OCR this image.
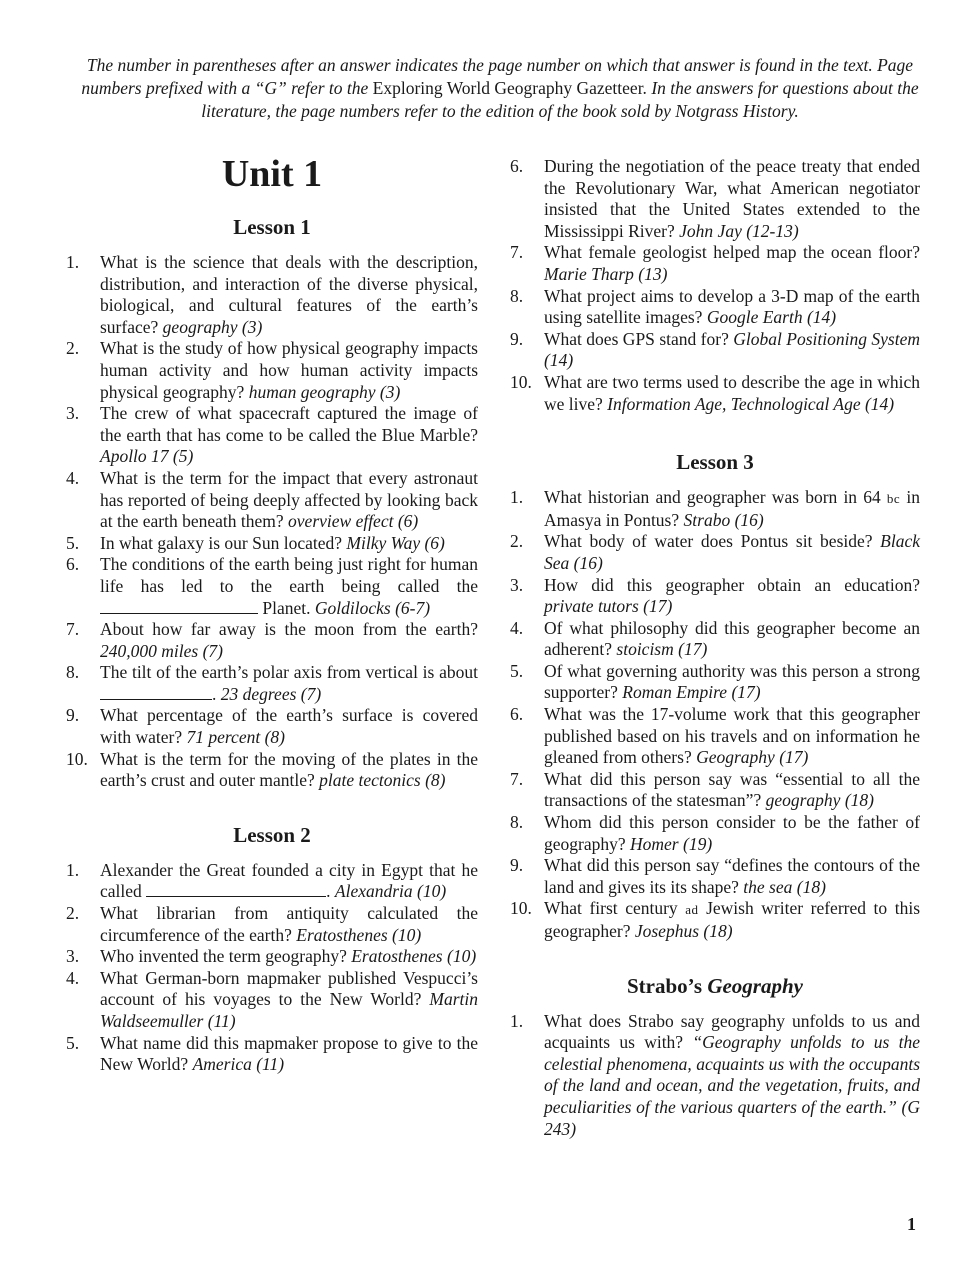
The number in parentheses after an answer indicates the page number on which that answer is found in the text. Page numbers prefixed with a “G” refer to the Exploring World Geography Gazetteer. In the answers for questions about the literature, the page numbers refer to the edition of the book sold by Notgrass History.

Unit 1
Lesson 1
1. What is the science that deals with the description, distribution, and interaction of the diverse physical, biological, and cultural features of the earth’s surface? geography (3)
2. What is the study of how physical geography impacts human activity and how human activity impacts physical geography? human geography (3)
3. The crew of what spacecraft captured the image of the earth that has come to be called the Blue Marble? Apollo 17 (5)
4. What is the term for the impact that every astronaut has reported of being deeply affected by looking back at the earth beneath them? overview effect (6)
5. In what galaxy is our Sun located? Milky Way (6)
6. The conditions of the earth being just right for human life has led to the earth being called the  Planet. Goldilocks (6-7)
7. About how far away is the moon from the earth? 240,000 miles (7)
8. The tilt of the earth’s polar axis from vertical is about . 23 degrees (7)
9. What percentage of the earth’s surface is covered with water? 71 percent (8)
10. What is the term for the moving of the plates in the earth’s crust and outer mantle? plate tectonics (8)
Lesson 2
1. Alexander the Great founded a city in Egypt that he called	. Alexandria (10)
2. What librarian from antiquity calculated the circumference of the earth? Eratosthenes (10)
3. Who invented the term geography? Eratosthenes (10)
4. What German-born mapmaker published Vespucci’s account of his voyages to the New World? Martin Waldseemuller (11)
5. What name did this mapmaker propose to give to the New World? America (11)
6. During the negotiation of the peace treaty that ended the Revolutionary War, what American negotiator insisted that the United States extended to the Mississippi River? John Jay (12-13)
7. What female geologist helped map the ocean floor? Marie Tharp (13)
8. What project aims to develop a 3-D map of the earth using satellite images? Google Earth (14)
9. What does GPS stand for? Global Positioning System (14)
10. What are two terms used to describe the age in which we live? Information Age, Technological Age (14)
Lesson 3
1. What historian and geographer was born in 64 bc in Amasya in Pontus? Strabo (16)
2. What body of water does Pontus sit beside? Black Sea (16)
3. How did this geographer obtain an education? private tutors (17)
4. Of what philosophy did this geographer become an adherent? stoicism (17)
5. Of what governing authority was this person a strong supporter? Roman Empire (17)
6. What was the 17-volume work that this geographer published based on his travels and on information he gleaned from others? Geography (17)
7. What did this person say was “essential to all the transactions of the statesman”? geography (18)
8. Whom did this person consider to be the father of geography? Homer (19)
9. What did this person say “defines the contours of the land and gives its its shape? the sea (18)
10. What first century ad Jewish writer referred to this geographer? Josephus (18)
Strabo’s Geography
1. What does Strabo say geography unfolds to us and acquaints us with? “Geography unfolds to us the celestial phenomena, acquaints us with the occupants of the land and ocean, and the vegetation, fruits, and peculiarities of the various quarters of the earth.” (G 243)
1
